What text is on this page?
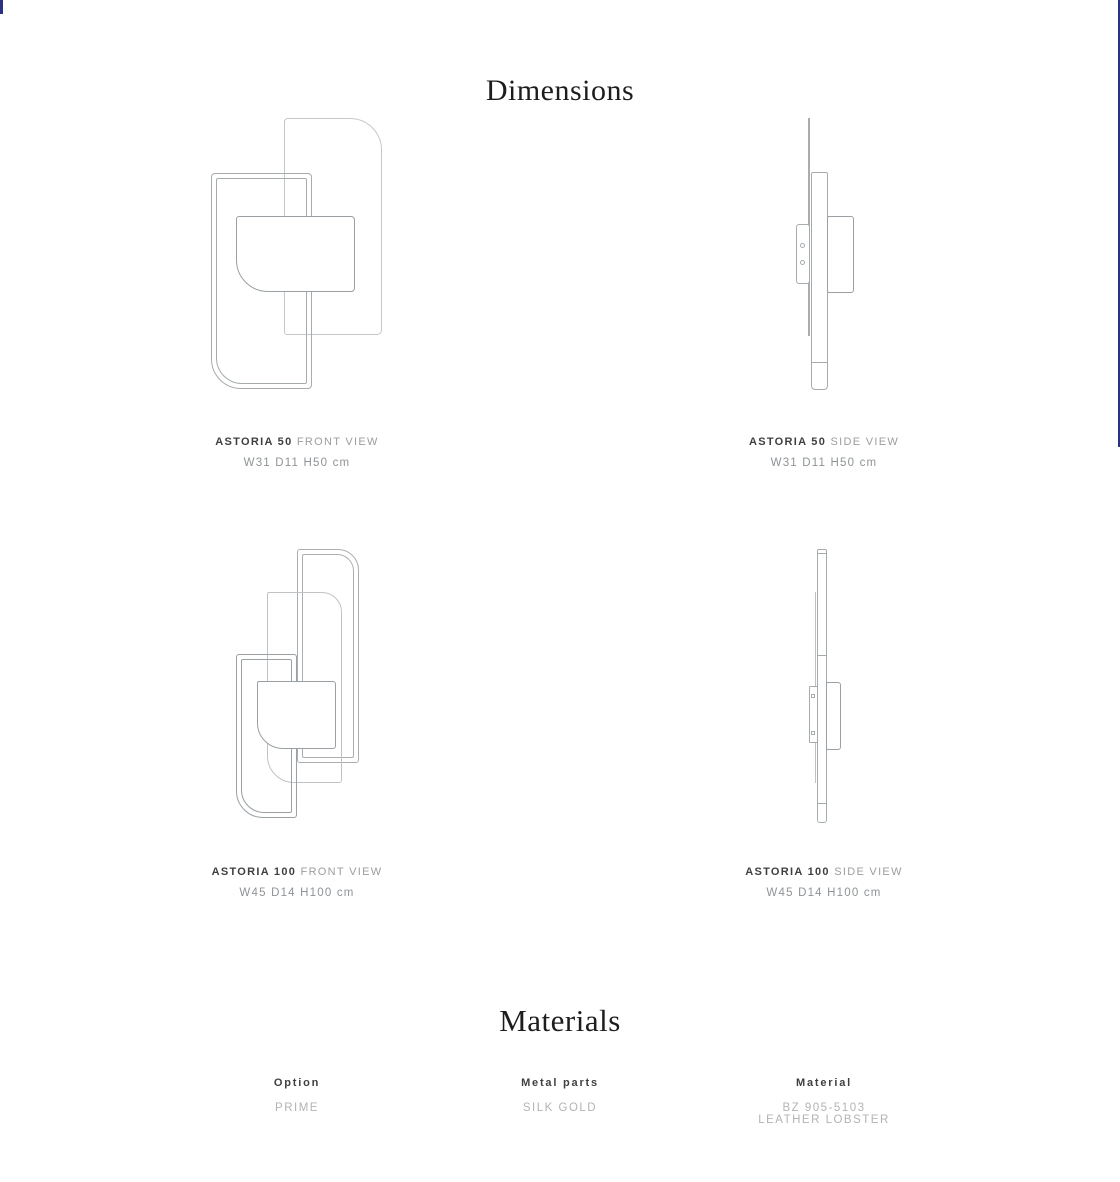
Dimensions
ASTORIA 50 FRONT VIEW
W31 D11 H50 cm
ASTORIA 50 SIDE VIEW
W31 D11 H50 cm
ASTORIA 100 FRONT VIEW
W45 D14 H100 cm
ASTORIA 100 SIDE VIEW
W45 D14 H100 cm
Materials
Option
PRIME
Metal parts
SILK GOLD
Material
BZ 905-5103 LEATHER LOBSTER
